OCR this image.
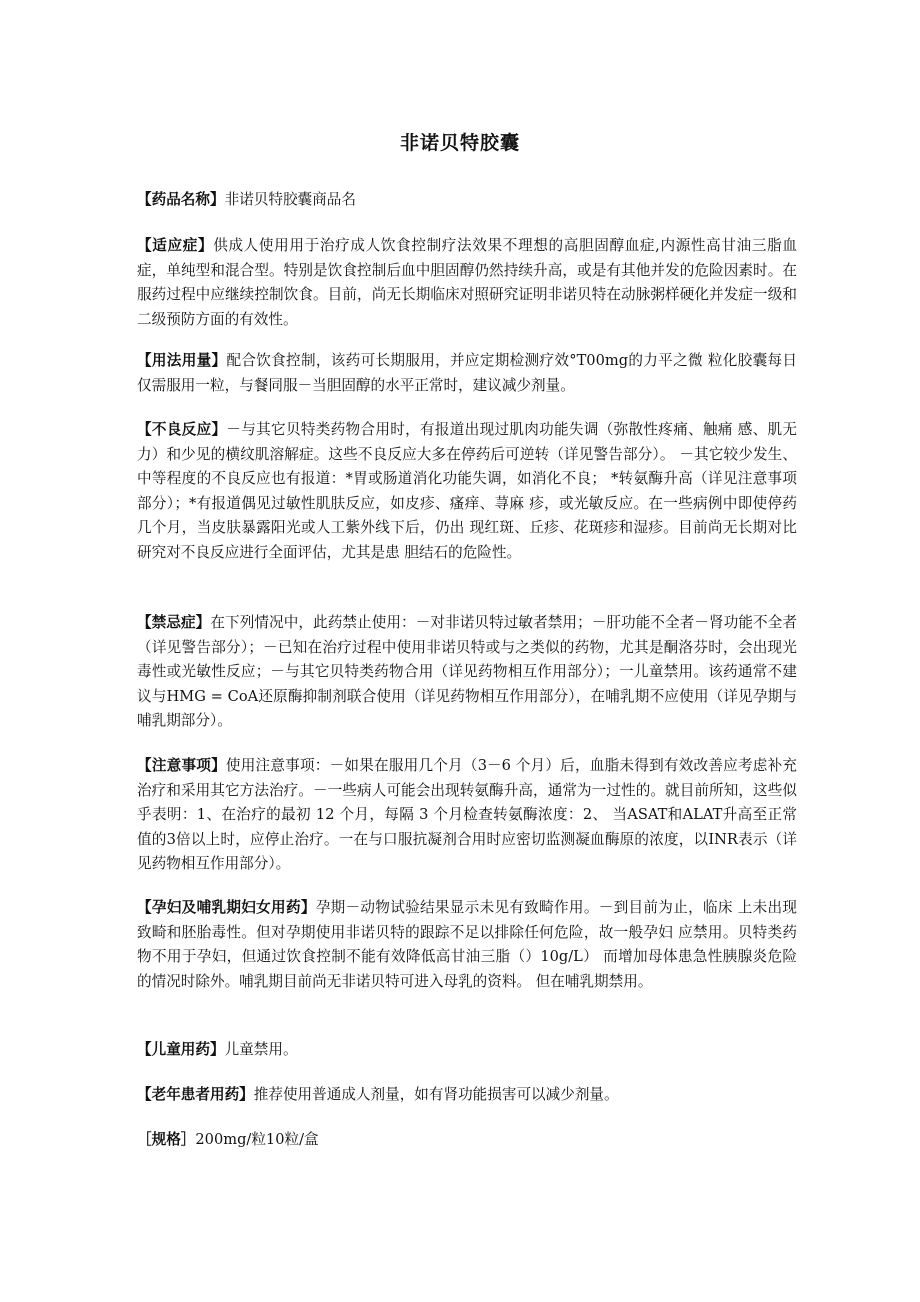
非诺贝特胶囊
【药品名称】非诺贝特胶囊商品名
【适应症】供成人使用用于治疗成人饮食控制疗法效果不理想的高胆固醇血症,内源性高甘油三脂血症，单纯型和混合型。特别是饮食控制后血中胆固醇仍然持续升高，或是有其他并发的危险因素时。在服药过程中应继续控制饮食。目前，尚无长期临床对照研究证明非诺贝特在动脉粥样硬化并发症一级和二级预防方面的有效性。
【用法用量】配合饮食控制，该药可长期服用，并应定期检测疗效°T00mg的力平之微 粒化胶囊每日仅需服用一粒，与餐同服－当胆固醇的水平正常时，建议减少剂量。
【不良反应】－与其它贝特类药物合用时，有报道出现过肌肉功能失调（弥散性疼痛、触痛 感、肌无力）和少见的横纹肌溶解症。这些不良反应大多在停药后可逆转（详见警告部分）。 －其它较少发生、中等程度的不良反应也有报道：*胃或肠道消化功能失调，如消化不良； *转氨酶升高（详见注意事项部分）；*有报道偶见过敏性肌肤反应，如皮疹、瘙痒、荨麻 疹，或光敏反应。在一些病例中即使停药几个月，当皮肤暴露阳光或人工紫外线下后，仍出 现红斑、丘疹、花斑疹和湿疹。目前尚无长期对比研究对不良反应进行全面评估，尤其是患 胆结石的危险性。
【禁忌症】在下列情况中，此药禁止使用：－对非诺贝特过敏者禁用；－肝功能不全者－肾功能不全者（详见警告部分）；－已知在治疗过程中使用非诺贝特或与之类似的药物，尤其是酮洛芬时，会出现光毒性或光敏性反应；－与其它贝特类药物合用（详见药物相互作用部分）；一儿童禁用。该药通常不建议与HMG = CoA还原酶抑制剂联合使用（详见药物相互作用部分），在哺乳期不应使用（详见孕期与哺乳期部分）。
【注意事项】使用注意事项：－如果在服用几个月（3－6 个月）后，血脂未得到有效改善应考虑补充治疗和采用其它方法治疗。－一些病人可能会出现转氨酶升高，通常为一过性的。就目前所知，这些似乎表明：1、在治疗的最初 12 个月，每隔 3 个月检查转氨酶浓度：2、 当ASAT和ALAT升高至正常值的3倍以上时，应停止治疗。一在与口服抗凝剂合用时应密切监测凝血酶原的浓度，以INR表示（详见药物相互作用部分）。
【孕妇及哺乳期妇女用药】孕期－动物试验结果显示未见有致畸作用。－到目前为止，临床 上未出现致畸和胚胎毒性。但对孕期使用非诺贝特的跟踪不足以排除任何危险，故一般孕妇 应禁用。贝特类药物不用于孕妇，但通过饮食控制不能有效降低高甘油三脂（）10g/L） 而增加母体患急性胰腺炎危险的情况时除外。哺乳期目前尚无非诺贝特可进入母乳的资料。 但在哺乳期禁用。
【儿童用药】儿童禁用。
【老年患者用药】推荐使用普通成人剂量，如有肾功能损害可以减少剂量。
［规格］200mg/粒10粒/盒
